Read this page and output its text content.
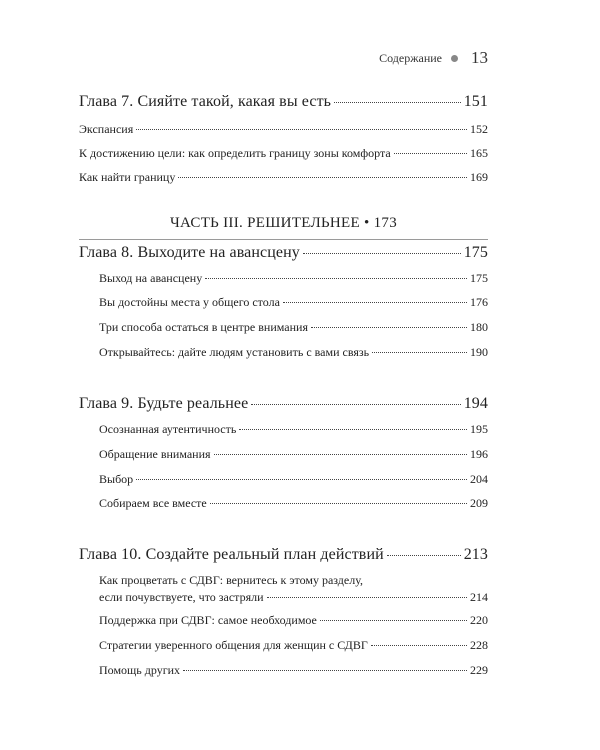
Содержание 13
Глава 7. Сияйте такой, какая вы есть	151
Экспансия	152
К достижению цели: как определить границу зоны комфорта	165
Как найти границу	169
ЧАСТЬ III. РЕШИТЕЛЬНЕЕ • 173
Глава 8. Выходите на авансцену	175
Выход на авансцену	175
Вы достойны места у общего стола	176
Три способа остаться в центре внимания	180
Открывайтесь: дайте людям установить с вами связь	190
Глава 9. Будьте реальнее	194
Осознанная аутентичность	195
Обращение внимания	196
Выбор	204
Собираем все вместе	209
Глава 10. Создайте реальный план действий	213
Как процветать с СДВГ: вернитесь к этому разделу,
если почувствуете, что застряли	214
Поддержка при СДВГ: самое необходимое	220
Стратегии уверенного общения для женщин с СДВГ	228
Помощь других	229
